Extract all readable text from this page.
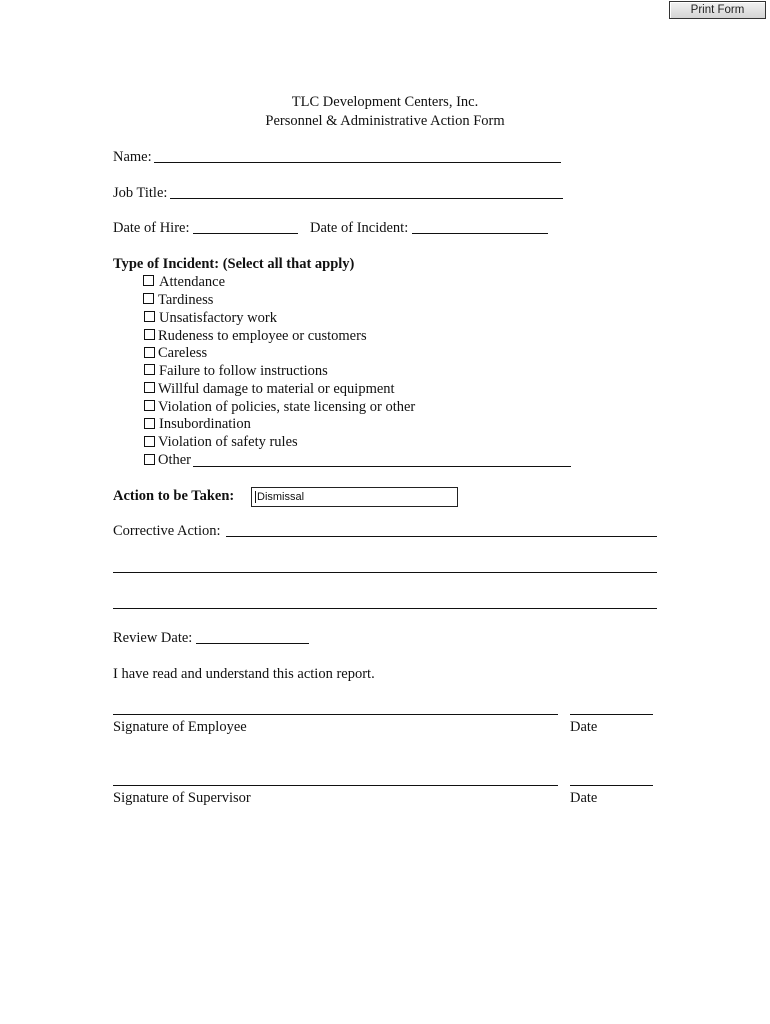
Print Form
TLC Development Centers, Inc.
Personnel & Administrative Action Form
Name:
Job Title:
Date of Hire:	Date of Incident:
Type of Incident: (Select all that apply)
Attendance
Tardiness
Unsatisfactory work
Rudeness to employee or customers
Careless
Failure to follow instructions
Willful damage to material or equipment
Violation of policies, state licensing or other
Insubordination
Violation of safety rules
Other
Action to be Taken:	Dismissal
Corrective Action:
Review Date:
I have read and understand this action report.
Signature of Employee	Date
Signature of Supervisor	Date
